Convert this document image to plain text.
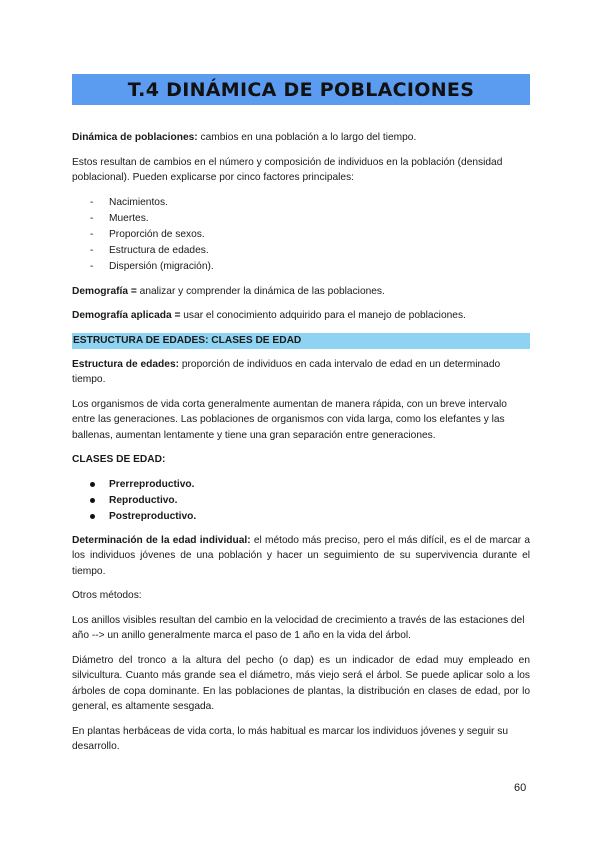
T.4 DINÁMICA DE POBLACIONES

Dinámica de poblaciones: cambios en una población a lo largo del tiempo.

Estos resultan de cambios en el número y composición de individuos en la población (densidad poblacional). Pueden explicarse por cinco factores principales:

- Nacimientos.
- Muertes.
- Proporción de sexos.
- Estructura de edades.
- Dispersión (migración).

Demografía = analizar y comprender la dinámica de las poblaciones.

Demografía aplicada = usar el conocimiento adquirido para el manejo de poblaciones.

ESTRUCTURA DE EDADES: CLASES DE EDAD

Estructura de edades: proporción de individuos en cada intervalo de edad en un determinado tiempo.

Los organismos de vida corta generalmente aumentan de manera rápida, con un breve intervalo entre las generaciones. Las poblaciones de organismos con vida larga, como los elefantes y las ballenas, aumentan lentamente y tiene una gran separación entre generaciones.

CLASES DE EDAD:

Prerreproductivo.
Reproductivo.
Postreproductivo.

Determinación de la edad individual: el método más preciso, pero el más difícil, es el de marcar a los individuos jóvenes de una población y hacer un seguimiento de su supervivencia durante el tiempo.

Otros métodos:

Los anillos visibles resultan del cambio en la velocidad de crecimiento a través de las estaciones del año --> un anillo generalmente marca el paso de 1 año en la vida del árbol.

Diámetro del tronco a la altura del pecho (o dap) es un indicador de edad muy empleado en silvicultura. Cuanto más grande sea el diámetro, más viejo será el árbol. Se puede aplicar solo a los árboles de copa dominante. En las poblaciones de plantas, la distribución en clases de edad, por lo general, es altamente sesgada.

En plantas herbáceas de vida corta, lo más habitual es marcar los individuos jóvenes y seguir su desarrollo.

60
